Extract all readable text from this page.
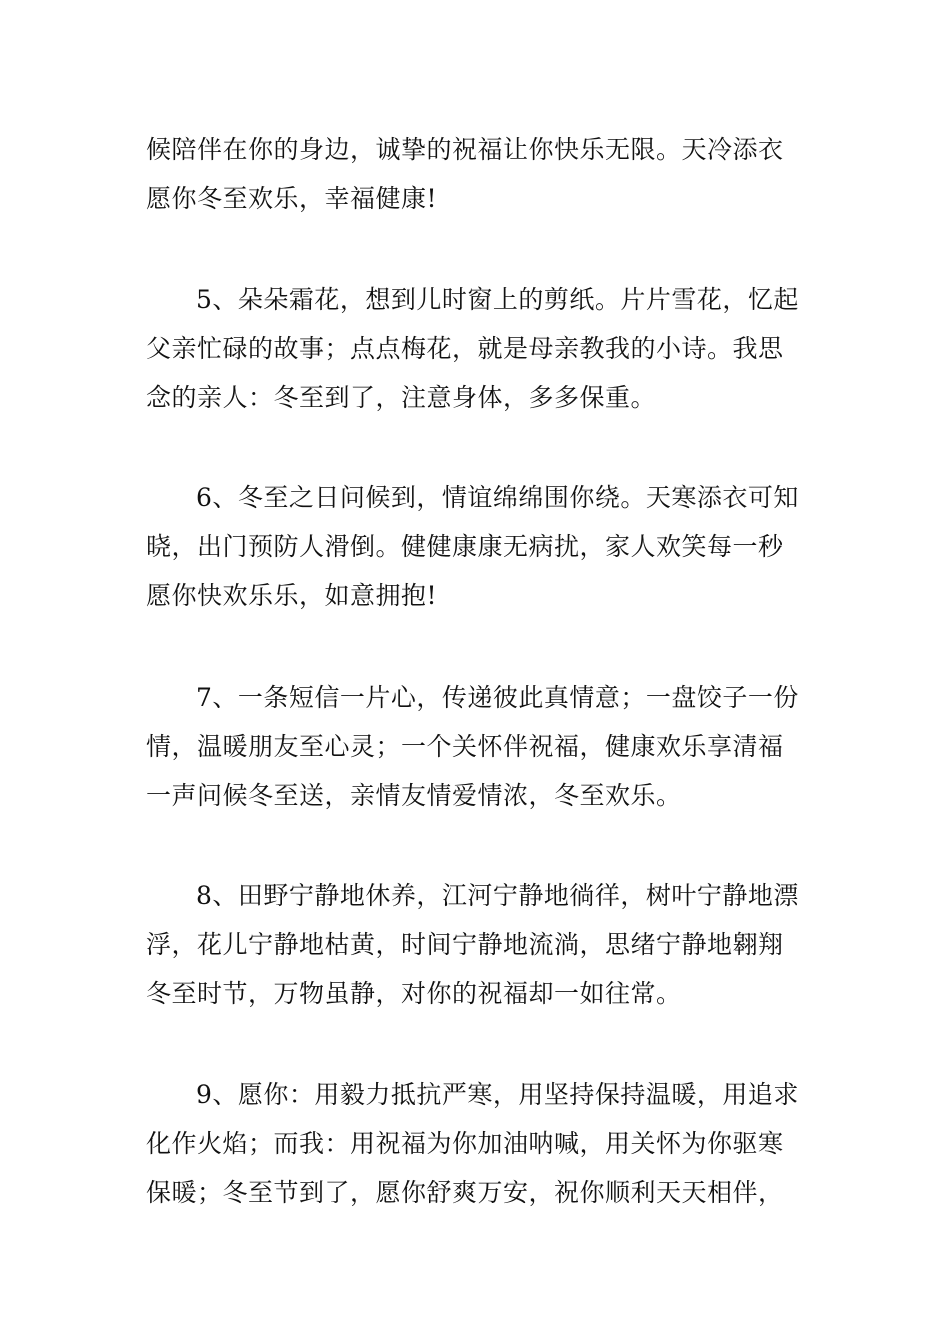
候陪伴在你的身边，诚挚的祝福让你快乐无限。天冷添衣
愿你冬至欢乐，幸福健康!
5、朵朵霜花，想到儿时窗上的剪纸。片片雪花，忆起
父亲忙碌的故事；点点梅花，就是母亲教我的小诗。我思
念的亲人：冬至到了，注意身体，多多保重。
6、冬至之日问候到，情谊绵绵围你绕。天寒添衣可知
晓，出门预防人滑倒。健健康康无病扰，家人欢笑每一秒
愿你快欢乐乐，如意拥抱!
7、一条短信一片心，传递彼此真情意；一盘饺子一份
情，温暖朋友至心灵；一个关怀伴祝福，健康欢乐享清福
一声问候冬至送，亲情友情爱情浓，冬至欢乐。
8、田野宁静地休养，江河宁静地徜徉，树叶宁静地漂
浮，花儿宁静地枯黄，时间宁静地流淌，思绪宁静地翱翔
冬至时节，万物虽静，对你的祝福却一如往常。
9、愿你：用毅力抵抗严寒，用坚持保持温暖，用追求
化作火焰；而我：用祝福为你加油呐喊，用关怀为你驱寒
保暖；冬至节到了，愿你舒爽万安，祝你顺利天天相伴，
